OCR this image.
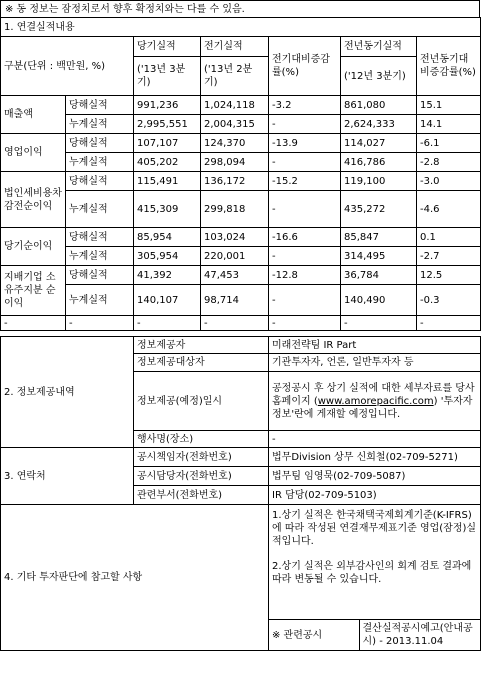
※ 동 정보는 잠정치로서 향후 확정치와는 다를 수 있음.
1. 연결실적내용						
구분(단위 : 백만원, %)		당기실적	전기실적	전기대비증감률(%)	전년동기실적	전년동기대비증감률(%)
		('13년 3분기)	('13년 2분기)		('12년 3분기)	
매출액	당해실적	991,236	1,024,118	-3.2	861,080	15.1
	누계실적	2,995,551	2,004,315	-	2,624,333	14.1
영업이익	당해실적	107,107	124,370	-13.9	114,027	-6.1
	누계실적	405,202	298,094	-	416,786	-2.8
법인세비용차감전순이익	당해실적	115,491	136,172	-15.2	119,100	-3.0
	누계실적	415,309	299,818	-	435,272	-4.6
당기순이익	당해실적	85,954	103,024	-16.6	85,847	0.1
	누계실적	305,954	220,001	-	314,495	-2.7
지배기업 소유주지분 순이익	당해실적	41,392	47,453	-12.8	36,784	12.5
	누계실적	140,107	98,714	-	140,490	-0.3
-	-	-	-	-	-	-
2. 정보제공내역	정보제공자	미래전략팀 IR Part
정보제공대상자	기관투자자, 언론, 일반투자자 등
정보제공(예정)일시	공정공시 후 상기 실적에 대한 세부자료를 당사 홈페이지 (www.amorepacific.com) '투자자정보'란에 게재할 예정입니다.
행사명(장소)	-
3. 연락처	공시책임자(전화번호)	법무Division 상무 신희철(02-709-5271)
공시담당자(전화번호)	법무팀 임영묵(02-709-5087)
관련부서(전화번호)	IR 담당(02-709-5103)
4. 기타 투자판단에 참고할 사항	
1.상기 실적은 한국채택국제회계기준(K-IFRS)에 따라 작성된 연결재무제표기준 영업(잠정)실적입니다.
2.상기 실적은 외부감사인의 회계 검토 결과에 따라 변동될 수 있습니다.

※ 관련공시	결산실적공시예고(안내공시) - 2013.11.04
